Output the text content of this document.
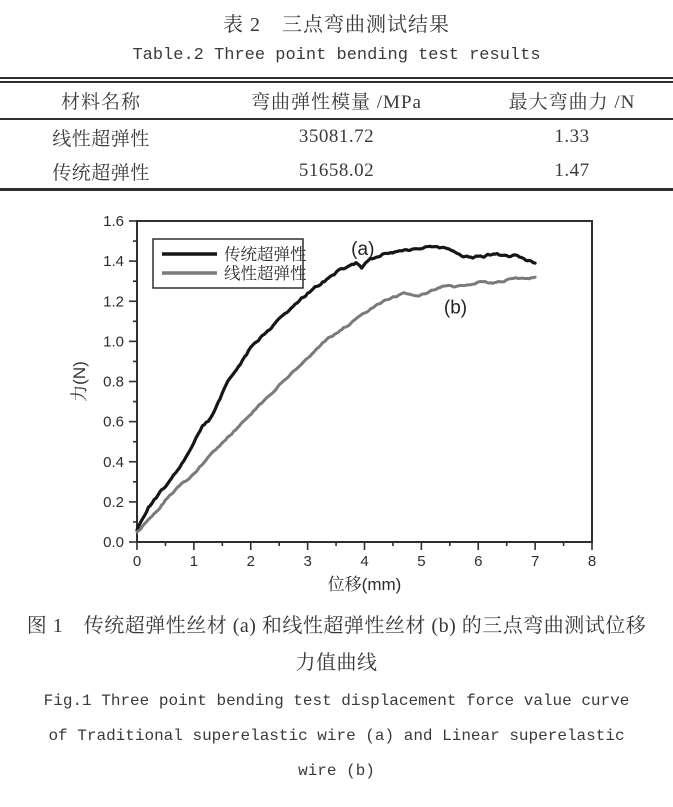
表 2　三点弯曲测试结果
Table.2 Three point bending test results
材料名称	弯曲弹性模量 /MPa	最大弯曲力 /N
线性超弹性	35081.72	1.33
传统超弹性	51658.02	1.47
0	1	2	3	4	5	6	7	8
0.0
0.2
0.4
0.6
0.8
1.0
1.2
1.4
1.6
位移(mm)
力(N)
传统超弹性
线性超弹性
(a)
(b)
图 1　传统超弹性丝材 (a) 和线性超弹性丝材 (b) 的三点弯曲测试位移
力值曲线
Fig.1 Three point bending test displacement force value curve
of Traditional superelastic wire (a) and Linear superelastic
wire (b)
